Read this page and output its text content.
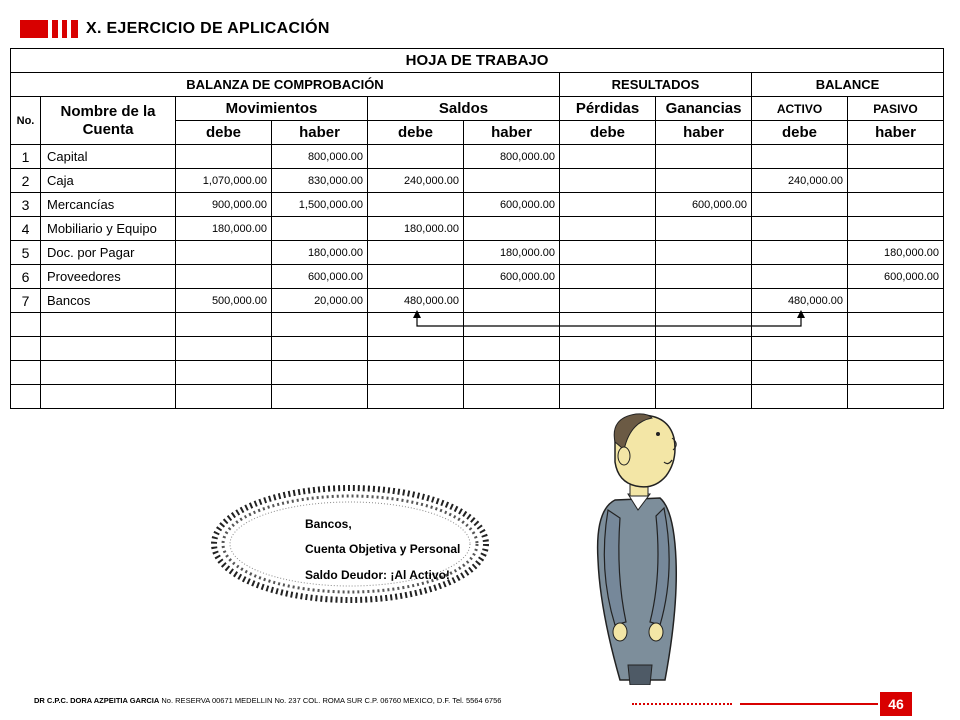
X. EJERCICIO DE APLICACIÓN
HOJA DE TRABAJO									
BALANZA DE COMPROBACIÓN						RESULTADOS		BALANCE	
No.	Nombre de la Cuenta	Movimientos		Saldos		Pérdidas	Ganancias	ACTIVO	PASIVO
		debe	haber	debe	haber	debe	haber	debe	haber
1	Capital		800,000.00		800,000.00				
2	Caja	1,070,000.00	830,000.00	240,000.00				240,000.00	
3	Mercancías	900,000.00	1,500,000.00		600,000.00		600,000.00		
4	Mobiliario y Equipo	180,000.00		180,000.00					
5	Doc. por Pagar		180,000.00		180,000.00				180,000.00
6	Proveedores		600,000.00		600,000.00				600,000.00
7	Bancos	500,000.00	20,000.00	480,000.00				480,000.00	

Bancos,
Cuenta Objetiva y Personal
Saldo Deudor: ¡Al Activo!
DR C.P.C. DORA AZPEITIA GARCIA No. RESERVA 00671 MEDELLIN No. 237 COL. ROMA SUR C.P. 06760 MEXICO, D.F. Tel. 5564 6756	46
